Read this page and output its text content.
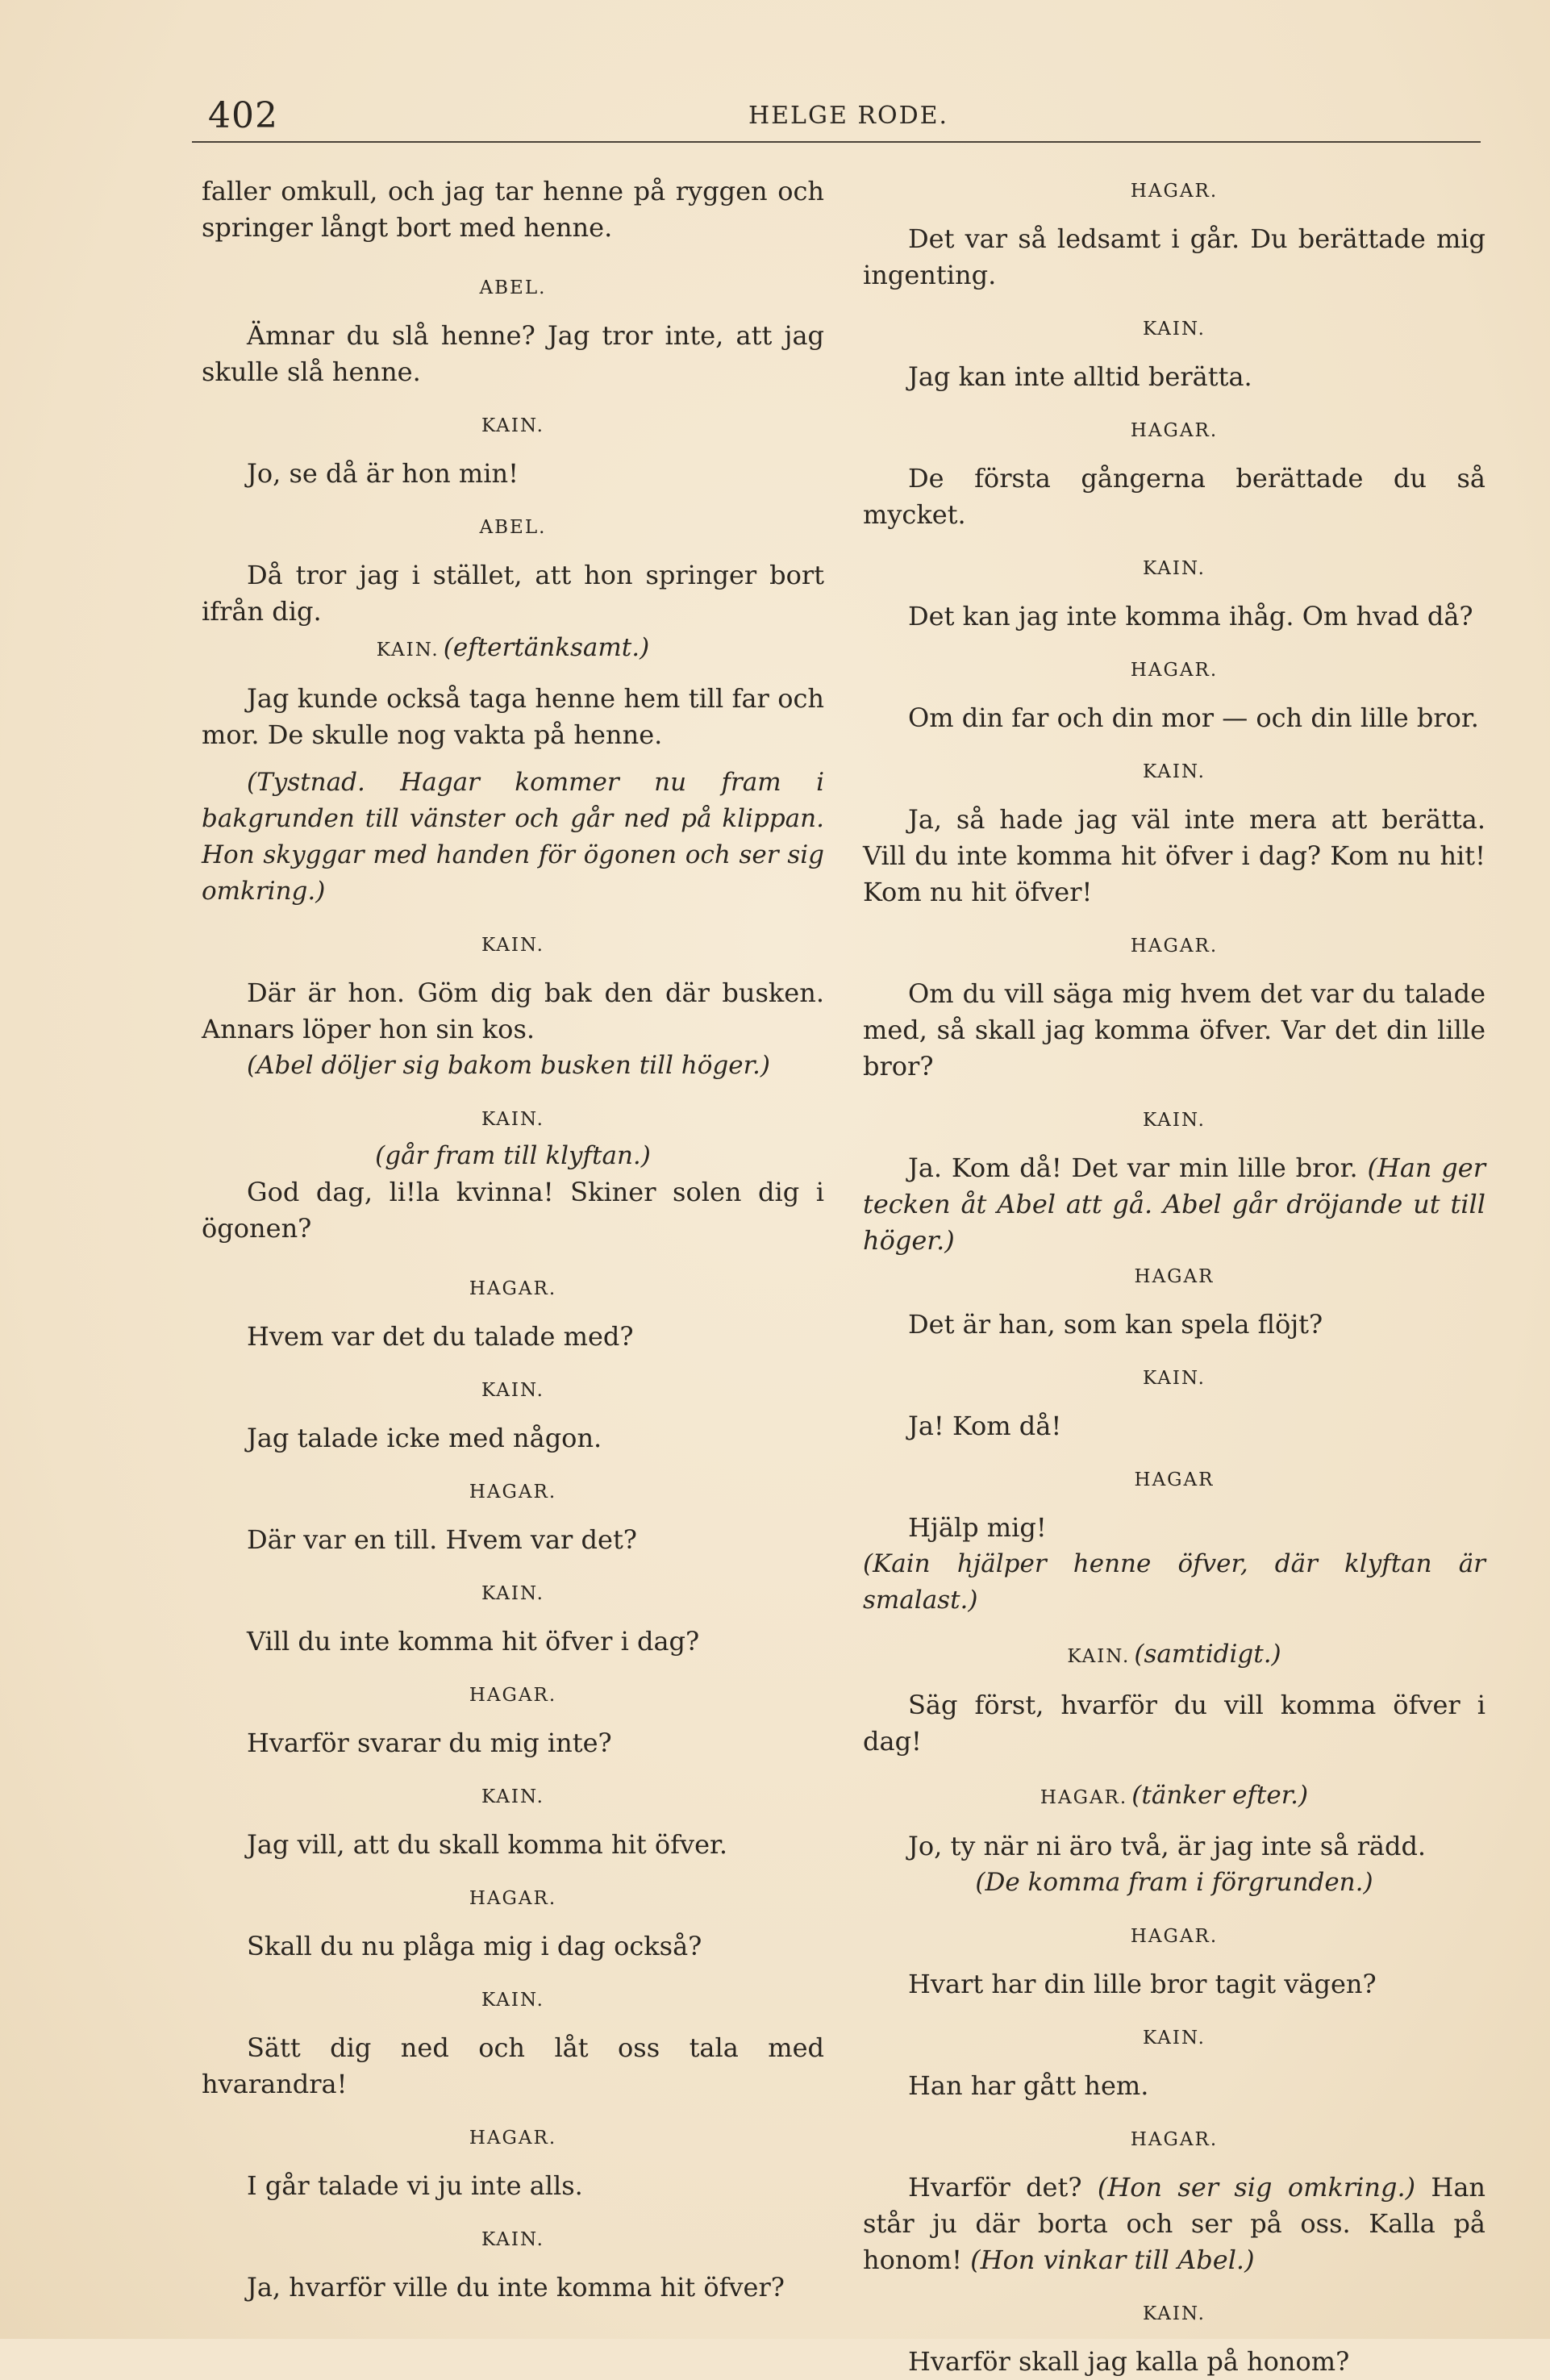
402	HELGE RODE.

faller omkull, och jag tar henne på ryggen och springer långt bort med henne.

ABEL.

Ämnar du slå henne? Jag tror inte, att jag skulle slå henne.

KAIN.

Jo, se då är hon min!

ABEL.

Då tror jag i stället, att hon springer bort ifrån dig.

KAIN. (eftertänksamt.)

Jag kunde också taga henne hem till far och mor. De skulle nog vakta på henne.

(Tystnad. Hagar kommer nu fram i bakgrunden till vänster och går ned på klippan. Hon skyggar med handen för ögonen och ser sig omkring.)

KAIN.

Där är hon. Göm dig bak den där busken. Annars löper hon sin kos.

(Abel döljer sig bakom busken till höger.)

KAIN.

(går fram till klyftan.)

God dag, li!la kvinna! Skiner solen dig i ögonen?

HAGAR.

Hvem var det du talade med?

KAIN.

Jag talade icke med någon.

HAGAR.

Där var en till. Hvem var det?

KAIN.

Vill du inte komma hit öfver i dag?

HAGAR.

Hvarför svarar du mig inte?

KAIN.

Jag vill, att du skall komma hit öfver.

HAGAR.

Skall du nu plåga mig i dag också?

KAIN.

Sätt dig ned och låt oss tala med hvarandra!

HAGAR.

I går talade vi ju inte alls.

KAIN.

Ja, hvarför ville du inte komma hit öfver?

HAGAR.

Det var så ledsamt i går. Du berättade mig ingenting.

KAIN.

Jag kan inte alltid berätta.

HAGAR.

De första gångerna berättade du så mycket.

KAIN.

Det kan jag inte komma ihåg. Om hvad då?

HAGAR.

Om din far och din mor — och din lille bror.

KAIN.

Ja, så hade jag väl inte mera att berätta. Vill du inte komma hit öfver i dag? Kom nu hit! Kom nu hit öfver!

HAGAR.

Om du vill säga mig hvem det var du talade med, så skall jag komma öfver. Var det din lille bror?

KAIN.

Ja. Kom då! Det var min lille bror. (Han ger tecken åt Abel att gå. Abel går dröjande ut till höger.)

HAGAR

Det är han, som kan spela flöjt?

KAIN.

Ja! Kom då!

HAGAR

Hjälp mig!

(Kain hjälper henne öfver, där klyftan är smalast.)

KAIN. (samtidigt.)

Säg först, hvarför du vill komma öfver i dag!

HAGAR. (tänker efter.)

Jo, ty när ni äro två, är jag inte så rädd.

(De komma fram i förgrunden.)

HAGAR.

Hvart har din lille bror tagit vägen?

KAIN.

Han har gått hem.

HAGAR.

Hvarför det? (Hon ser sig omkring.) Han står ju där borta och ser på oss. Kalla på honom! (Hon vinkar till Abel.)

KAIN.

Hvarför skall jag kalla på honom?
